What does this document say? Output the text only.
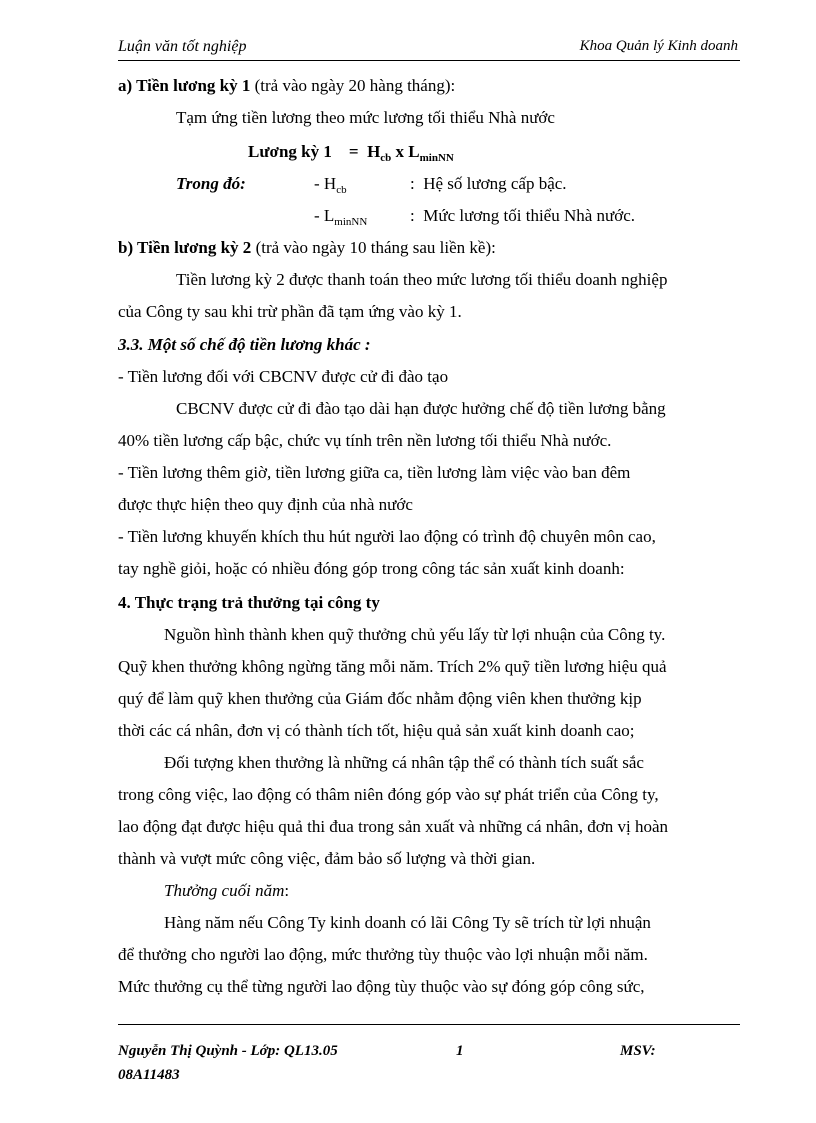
Luận văn tốt nghiệp	Khoa Quản lý Kinh doanh
a) Tiền lương kỳ 1 (trả vào ngày 20 hàng tháng):
Tạm ứng tiền lương theo mức lương tối thiểu Nhà nước
Lương kỳ $1 = H_{cb}$ x $L_{minNN}$
Trong đó:	- $H_{cb}$	: Hệ số lương cấp bậc.
- $L_{minNN}$	: Mức lương tối thiểu Nhà nước.
b) Tiền lương kỳ 2 (trả vào ngày 10 tháng sau liền kề):
Tiền lương kỳ 2 được thanh toán theo mức lương tối thiểu doanh nghiệp
của Công ty sau khi trừ phần đã tạm ứng vào kỳ 1.
3.3. Một số chế độ tiền lương khác :
- Tiền lương đối với CBCNV được cử đi đào tạo
CBCNV được cử đi đào tạo dài hạn được hưởng chế độ tiền lương bằng
40% tiền lương cấp bậc, chức vụ tính trên nền lương tối thiểu Nhà nước.
- Tiền lương thêm giờ, tiền lương giữa ca, tiền lương làm việc vào ban đêm
được thực hiện theo quy định của nhà nước
- Tiền lương khuyến khích thu hút người lao động có trình độ chuyên môn cao,
tay nghề giỏi, hoặc có nhiều đóng góp trong công tác sản xuất kinh doanh:
4. Thực trạng trả thưởng tại công ty
Nguồn hình thành khen quỹ thưởng chủ yếu lấy từ lợi nhuận của Công ty.
Quỹ khen thưởng không ngừng tăng mỗi năm. Trích 2% quỹ tiền lương hiệu quả
quý để làm quỹ khen thưởng của Giám đốc nhằm động viên khen thưởng kịp
thời các cá nhân, đơn vị có thành tích tốt, hiệu quả sản xuất kinh doanh cao;
Đối tượng khen thưởng là những cá nhân tập thể có thành tích suất sắc
trong công việc, lao động có thâm niên đóng góp vào sự phát triển của Công ty,
lao động đạt được hiệu quả thi đua trong sản xuất và những cá nhân, đơn vị hoàn
thành và vượt mức công việc, đảm bảo số lượng và thời gian.
Thưởng cuối năm:
Hàng năm nếu Công Ty kinh doanh có lãi Công Ty sẽ trích từ lợi nhuận
để thưởng cho người lao động, mức thưởng tùy thuộc vào lợi nhuận mỗi năm.
Mức thưởng cụ thể từng người lao động tùy thuộc vào sự đóng góp công sức,
Nguyễn Thị Quỳnh - Lớp: QL13.05	1	MSV:
08A11483
